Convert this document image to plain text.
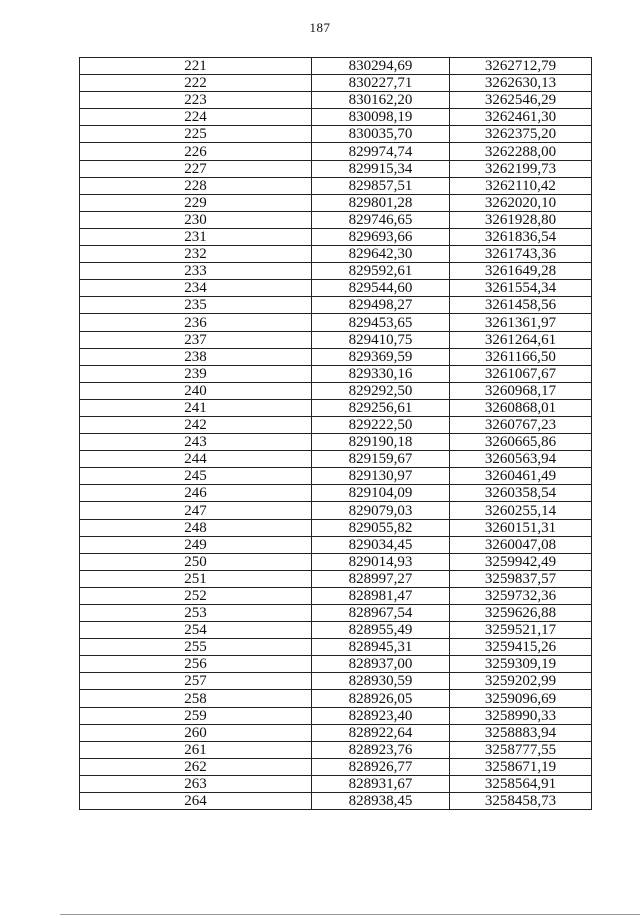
187
221	830294,69	3262712,79
222	830227,71	3262630,13
223	830162,20	3262546,29
224	830098,19	3262461,30
225	830035,70	3262375,20
226	829974,74	3262288,00
227	829915,34	3262199,73
228	829857,51	3262110,42
229	829801,28	3262020,10
230	829746,65	3261928,80
231	829693,66	3261836,54
232	829642,30	3261743,36
233	829592,61	3261649,28
234	829544,60	3261554,34
235	829498,27	3261458,56
236	829453,65	3261361,97
237	829410,75	3261264,61
238	829369,59	3261166,50
239	829330,16	3261067,67
240	829292,50	3260968,17
241	829256,61	3260868,01
242	829222,50	3260767,23
243	829190,18	3260665,86
244	829159,67	3260563,94
245	829130,97	3260461,49
246	829104,09	3260358,54
247	829079,03	3260255,14
248	829055,82	3260151,31
249	829034,45	3260047,08
250	829014,93	3259942,49
251	828997,27	3259837,57
252	828981,47	3259732,36
253	828967,54	3259626,88
254	828955,49	3259521,17
255	828945,31	3259415,26
256	828937,00	3259309,19
257	828930,59	3259202,99
258	828926,05	3259096,69
259	828923,40	3258990,33
260	828922,64	3258883,94
261	828923,76	3258777,55
262	828926,77	3258671,19
263	828931,67	3258564,91
264	828938,45	3258458,73
